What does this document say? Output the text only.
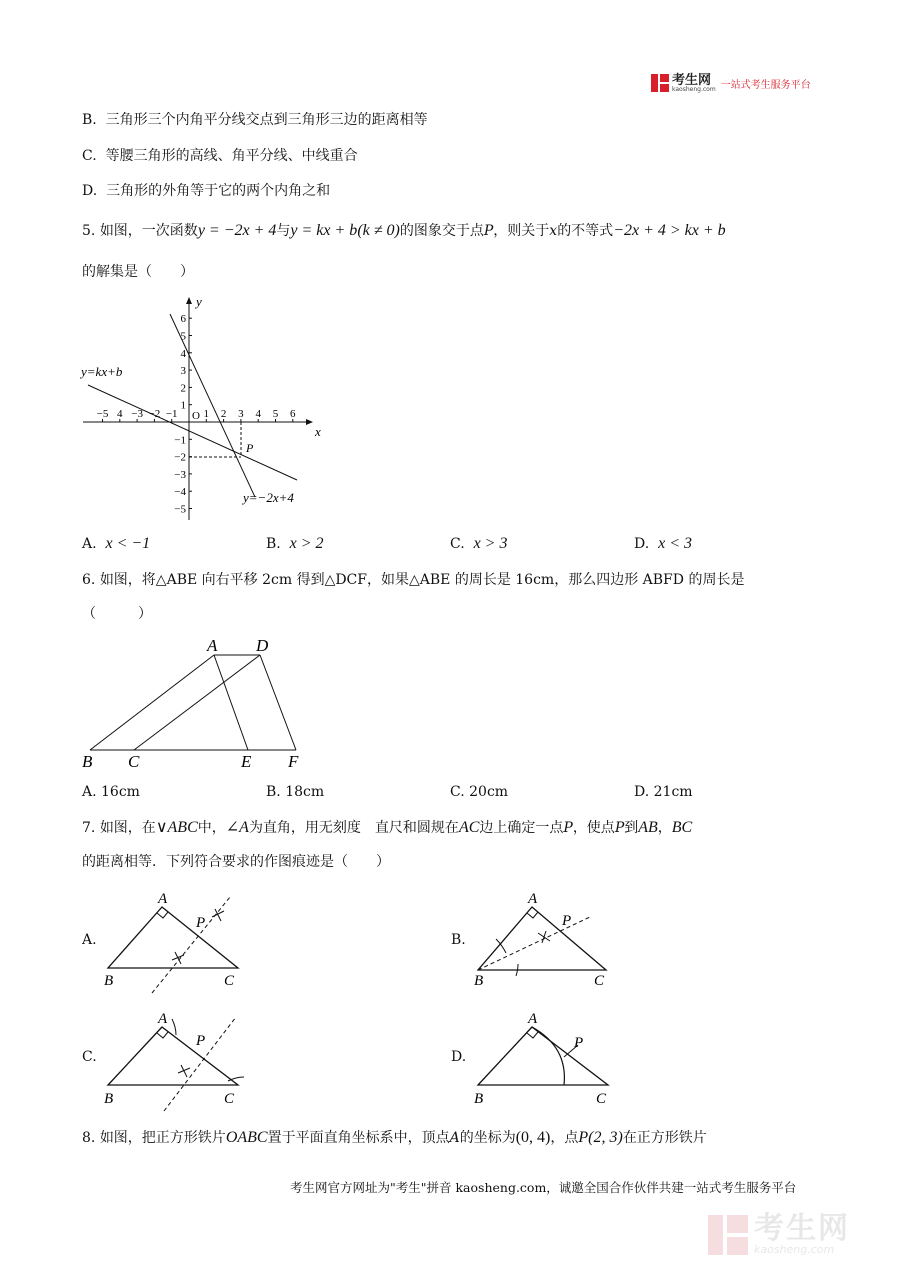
考生网
kaosheng.com 一站式考生服务平台
B. 三角形三个内角平分线交点到三角形三边的距离相等
C. 等腰三角形的高线、角平分线、中线重合
D. 三角形的外角等于它的两个内角之和
5. 如图，一次函数y = −2x + 4与y = kx + b(k ≠ 0)的图象交于点P，则关于x的不等式−2x + 4 > kx + b
的解集是（　　）
−5 4 −3 −2 −1 1 2 3 4 5 6
6
5
4
3
2
1
−1
−2
−3
−4
−5
y
x
O
P
y=kx+b
y=−2x+4
A. x < −1	B. x > 2	C. x > 3	D. x < 3
6. 如图，将△ABE 向右平移 2cm 得到△DCF，如果△ABE 的周长是 16cm，那么四边形 ABFD 的周长是
（　　　）
A D
B C	E F
A. 16cm	B. 18cm	C. 20cm	D. 21cm
7. 如图，在∨ABC中，∠A为直角，用无刻度　直尺和圆规在AC边上确定一点P，使点P到AB，BC
的距离相等．下列符合要求的作图痕迹是（　　）
A.
A
P
B	C
B.
A
P
B	C
C.
A
P
B	C
D.
A
P
B	C
8. 如图，把正方形铁片OABC置于平面直角坐标系中，顶点A的坐标为(0, 4)，点P(2, 3)在正方形铁片
考生网官方网址为"考生"拼音 kaosheng.com，诚邀全国合作伙伴共建一站式考生服务平台
考生网
kaosheng.com
